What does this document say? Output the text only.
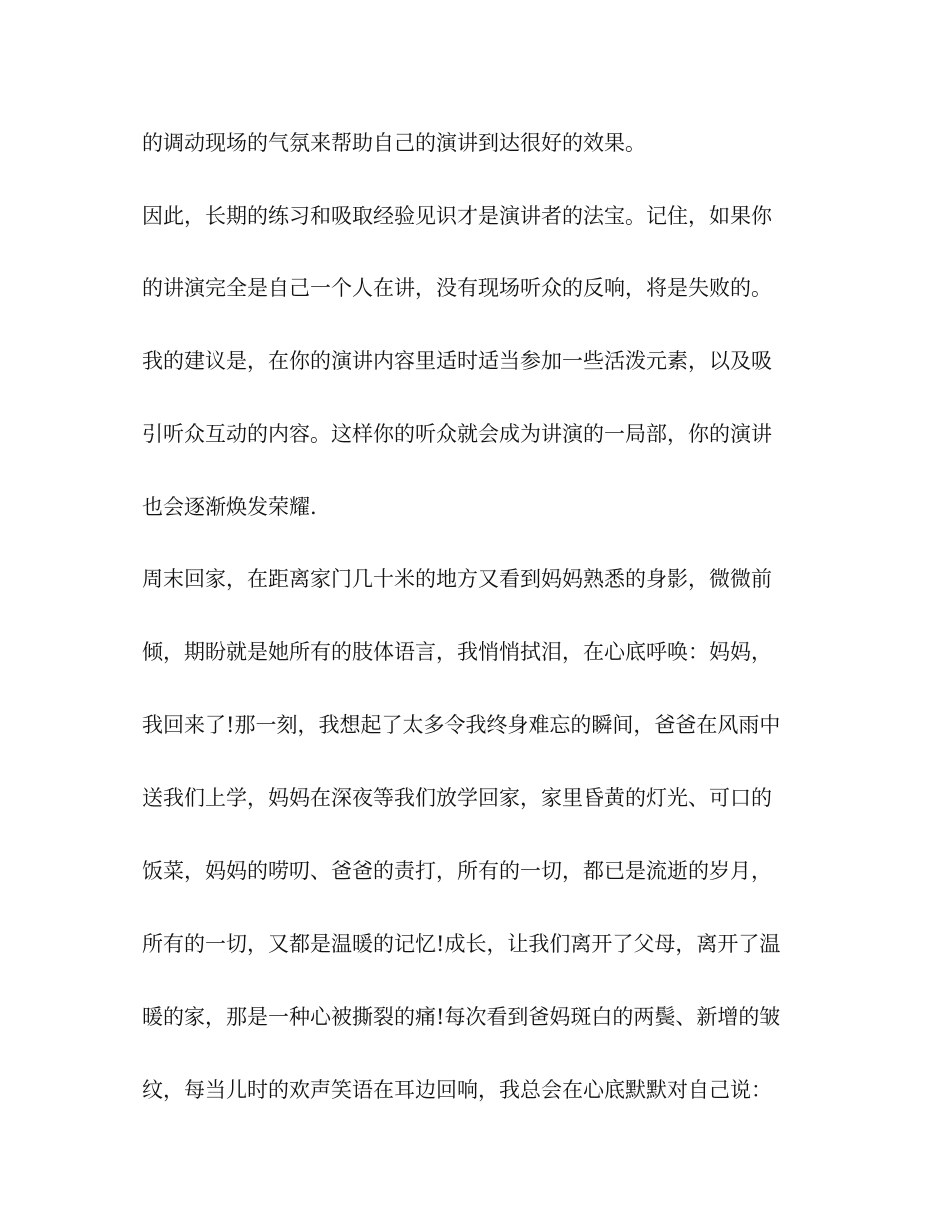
的调动现场的气氛来帮助自己的演讲到达很好的效果。
因此，长期的练习和吸取经验见识才是演讲者的法宝。记住，如果你
的讲演完全是自己一个人在讲，没有现场听众的反响，将是失败的。
我的建议是，在你的演讲内容里适时适当参加一些活泼元素，以及吸
引听众互动的内容。这样你的听众就会成为讲演的一局部，你的演讲
也会逐渐焕发荣耀.
周末回家，在距离家门几十米的地方又看到妈妈熟悉的身影，微微前
倾，期盼就是她所有的肢体语言，我悄悄拭泪，在心底呼唤：妈妈，
我回来了!那一刻，我想起了太多令我终身难忘的瞬间，爸爸在风雨中
送我们上学，妈妈在深夜等我们放学回家，家里昏黄的灯光、可口的
饭菜，妈妈的唠叨、爸爸的责打，所有的一切，都已是流逝的岁月，
所有的一切，又都是温暖的记忆!成长，让我们离开了父母，离开了温
暖的家，那是一种心被撕裂的痛!每次看到爸妈斑白的两鬓、新增的皱
纹，每当儿时的欢声笑语在耳边回响，我总会在心底默默对自己说：
